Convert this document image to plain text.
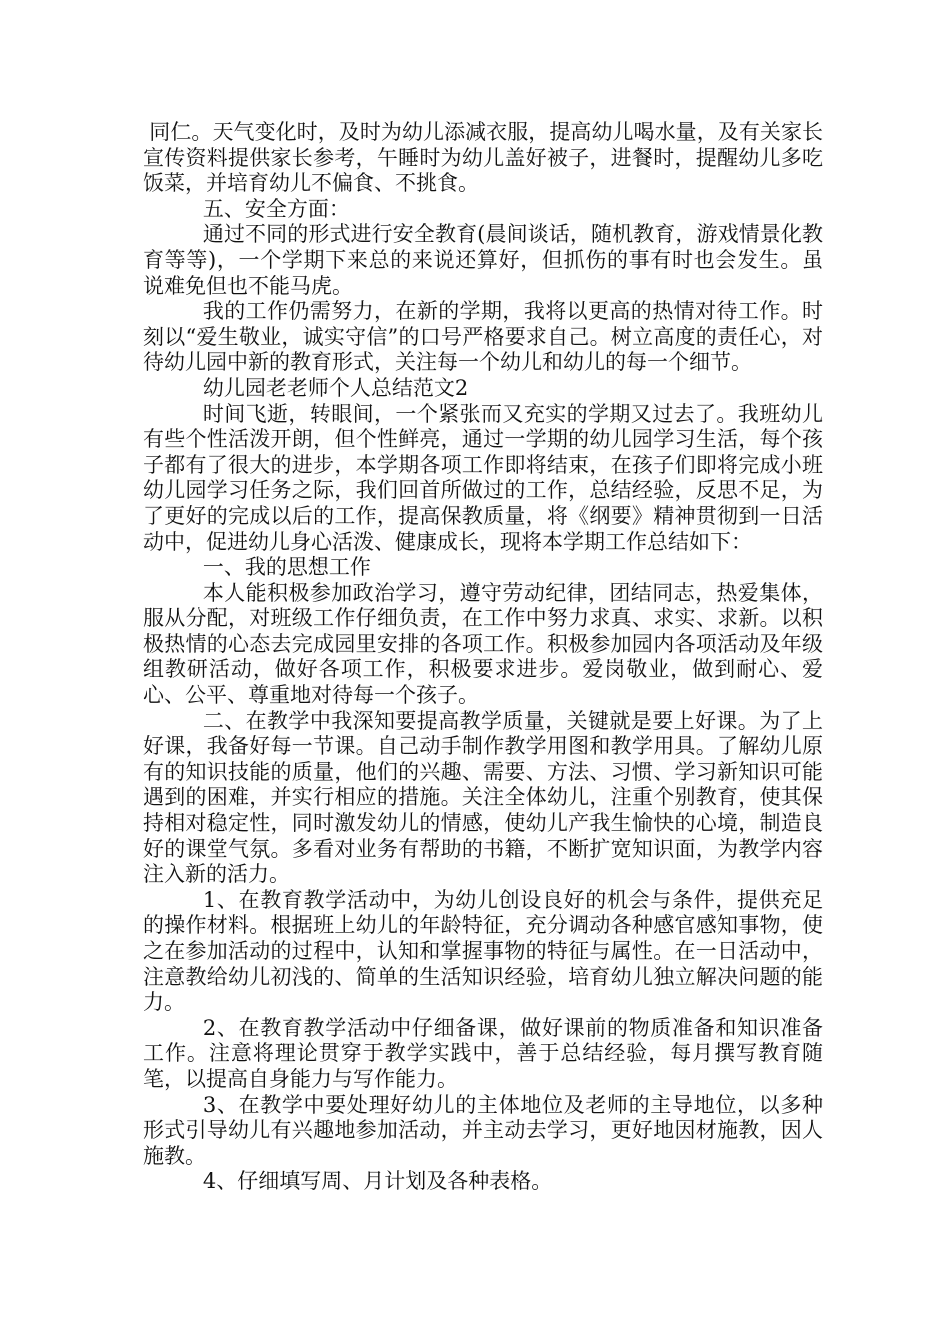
同仁。天气变化时，及时为幼儿添减衣服，提高幼儿喝水量，及有关家长宣传资料提供家长参考，午睡时为幼儿盖好被子，进餐时，提醒幼儿多吃饭菜，并培育幼儿不偏食、不挑食。

五、安全方面：

通过不同的形式进行安全教育(晨间谈话，随机教育，游戏情景化教育等等)，一个学期下来总的来说还算好，但抓伤的事有时也会发生。虽说难免但也不能马虎。

我的工作仍需努力，在新的学期，我将以更高的热情对待工作。时刻以“爱生敬业，诚实守信”的口号严格要求自己。树立高度的责任心，对待幼儿园中新的教育形式，关注每一个幼儿和幼儿的每一个细节。

幼儿园老老师个人总结范文2

时间飞逝，转眼间，一个紧张而又充实的学期又过去了。我班幼儿有些个性活泼开朗，但个性鲜亮，通过一学期的幼儿园学习生活，每个孩子都有了很大的进步，本学期各项工作即将结束，在孩子们即将完成小班幼儿园学习任务之际，我们回首所做过的工作，总结经验，反思不足，为了更好的完成以后的工作，提高保教质量，将《纲要》精神贯彻到一日活动中，促进幼儿身心活泼、健康成长，现将本学期工作总结如下：

一、我的思想工作

本人能积极参加政治学习，遵守劳动纪律，团结同志，热爱集体，服从分配，对班级工作仔细负责，在工作中努力求真、求实、求新。以积极热情的心态去完成园里安排的各项工作。积极参加园内各项活动及年级组教研活动，做好各项工作，积极要求进步。爱岗敬业，做到耐心、爱心、公平、尊重地对待每一个孩子。

二、在教学中我深知要提高教学质量，关键就是要上好课。为了上好课，我备好每一节课。自己动手制作教学用图和教学用具。了解幼儿原有的知识技能的质量，他们的兴趣、需要、方法、习惯、学习新知识可能遇到的困难，并实行相应的措施。关注全体幼儿，注重个别教育，使其保持相对稳定性，同时激发幼儿的情感，使幼儿产我生愉快的心境，制造良好的课堂气氛。多看对业务有帮助的书籍，不断扩宽知识面，为教学内容注入新的活力。

1、在教育教学活动中，为幼儿创设良好的机会与条件，提供充足的操作材料。根据班上幼儿的年龄特征，充分调动各种感官感知事物，使之在参加活动的过程中，认知和掌握事物的特征与属性。在一日活动中，注意教给幼儿初浅的、简单的生活知识经验，培育幼儿独立解决问题的能力。

2、在教育教学活动中仔细备课，做好课前的物质准备和知识准备工作。注意将理论贯穿于教学实践中，善于总结经验，每月撰写教育随笔，以提高自身能力与写作能力。

3、在教学中要处理好幼儿的主体地位及老师的主导地位，以多种形式引导幼儿有兴趣地参加活动，并主动去学习，更好地因材施教，因人施教。

4、仔细填写周、月计划及各种表格。
